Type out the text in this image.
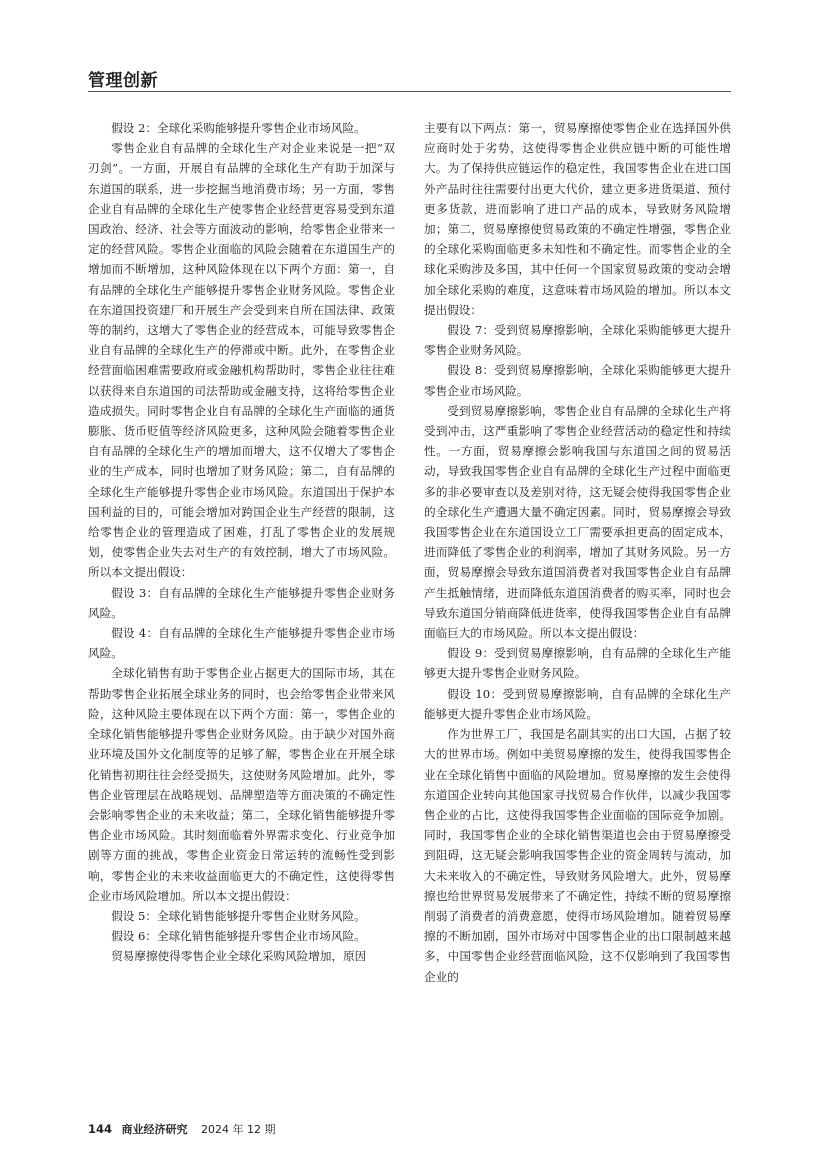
管理创新

假设 2：全球化采购能够提升零售企业市场风险。

零售企业自有品牌的全球化生产对企业来说是一把“双刃剑”。一方面，开展自有品牌的全球化生产有助于加深与东道国的联系，进一步挖掘当地消费市场；另一方面，零售企业自有品牌的全球化生产使零售企业经营更容易受到东道国政治、经济、社会等方面波动的影响，给零售企业带来一定的经营风险。零售企业面临的风险会随着在东道国生产的增加而不断增加，这种风险体现在以下两个方面：第一，自有品牌的全球化生产能够提升零售企业财务风险。零售企业在东道国投资建厂和开展生产会受到来自所在国法律、政策等的制约，这增大了零售企业的经营成本，可能导致零售企业自有品牌的全球化生产的停滞或中断。此外，在零售企业经营面临困难需要政府或金融机构帮助时，零售企业往往难以获得来自东道国的司法帮助或金融支持，这将给零售企业造成损失。同时零售企业自有品牌的全球化生产面临的通货膨胀、货币贬值等经济风险更多，这种风险会随着零售企业自有品牌的全球化生产的增加而增大，这不仅增大了零售企业的生产成本，同时也增加了财务风险；第二，自有品牌的全球化生产能够提升零售企业市场风险。东道国出于保护本国利益的目的，可能会增加对跨国企业生产经营的限制，这给零售企业的管理造成了困难，打乱了零售企业的发展规划，使零售企业失去对生产的有效控制，增大了市场风险。所以本文提出假设：

假设 3：自有品牌的全球化生产能够提升零售企业财务风险。

假设 4：自有品牌的全球化生产能够提升零售企业市场风险。

全球化销售有助于零售企业占据更大的国际市场，其在帮助零售企业拓展全球业务的同时，也会给零售企业带来风险，这种风险主要体现在以下两个方面：第一，零售企业的全球化销售能够提升零售企业财务风险。由于缺少对国外商业环境及国外文化制度等的足够了解，零售企业在开展全球化销售初期往往会经受损失，这使财务风险增加。此外，零售企业管理层在战略规划、品牌塑造等方面决策的不确定性会影响零售企业的未来收益；第二，全球化销售能够提升零售企业市场风险。其时刻面临着外界需求变化、行业竞争加剧等方面的挑战，零售企业资金日常运转的流畅性受到影响，零售企业的未来收益面临更大的不确定性，这使得零售企业市场风险增加。所以本文提出假设：

假设 5：全球化销售能够提升零售企业财务风险。

假设 6：全球化销售能够提升零售企业市场风险。

贸易摩擦使得零售企业全球化采购风险增加，原因

主要有以下两点：第一，贸易摩擦使零售企业在选择国外供应商时处于劣势，这使得零售企业供应链中断的可能性增大。为了保持供应链运作的稳定性，我国零售企业在进口国外产品时往往需要付出更大代价，建立更多进货渠道、预付更多货款，进而影响了进口产品的成本，导致财务风险增加；第二，贸易摩擦使贸易政策的不确定性增强，零售企业的全球化采购面临更多未知性和不确定性。而零售企业的全球化采购涉及多国，其中任何一个国家贸易政策的变动会增加全球化采购的难度，这意味着市场风险的增加。所以本文提出假设：

假设 7：受到贸易摩擦影响，全球化采购能够更大提升零售企业财务风险。

假设 8：受到贸易摩擦影响，全球化采购能够更大提升零售企业市场风险。

受到贸易摩擦影响，零售企业自有品牌的全球化生产将受到冲击，这严重影响了零售企业经营活动的稳定性和持续性。一方面，贸易摩擦会影响我国与东道国之间的贸易活动，导致我国零售企业自有品牌的全球化生产过程中面临更多的非必要审查以及差别对待，这无疑会使得我国零售企业的全球化生产遭遇大量不确定因素。同时，贸易摩擦会导致我国零售企业在东道国设立工厂需要承担更高的固定成本，进而降低了零售企业的利润率，增加了其财务风险。另一方面，贸易摩擦会导致东道国消费者对我国零售企业自有品牌产生抵触情绪，进而降低东道国消费者的购买率，同时也会导致东道国分销商降低进货率，使得我国零售企业自有品牌面临巨大的市场风险。所以本文提出假设：

假设 9：受到贸易摩擦影响，自有品牌的全球化生产能够更大提升零售企业财务风险。

假设 10：受到贸易摩擦影响，自有品牌的全球化生产能够更大提升零售企业市场风险。

作为世界工厂，我国是名副其实的出口大国，占据了较大的世界市场。例如中美贸易摩擦的发生，使得我国零售企业在全球化销售中面临的风险增加。贸易摩擦的发生会使得东道国企业转向其他国家寻找贸易合作伙伴，以减少我国零售企业的占比，这使得我国零售企业面临的国际竞争加剧。同时，我国零售企业的全球化销售渠道也会由于贸易摩擦受到阻碍，这无疑会影响我国零售企业的资金周转与流动，加大未来收入的不确定性，导致财务风险增大。此外，贸易摩擦也给世界贸易发展带来了不确定性，持续不断的贸易摩擦削弱了消费者的消费意愿，使得市场风险增加。随着贸易摩擦的不断加剧，国外市场对中国零售企业的出口限制越来越多，中国零售企业经营面临风险，这不仅影响到了我国零售企业的

144 商业经济研究 2024 年 12 期
